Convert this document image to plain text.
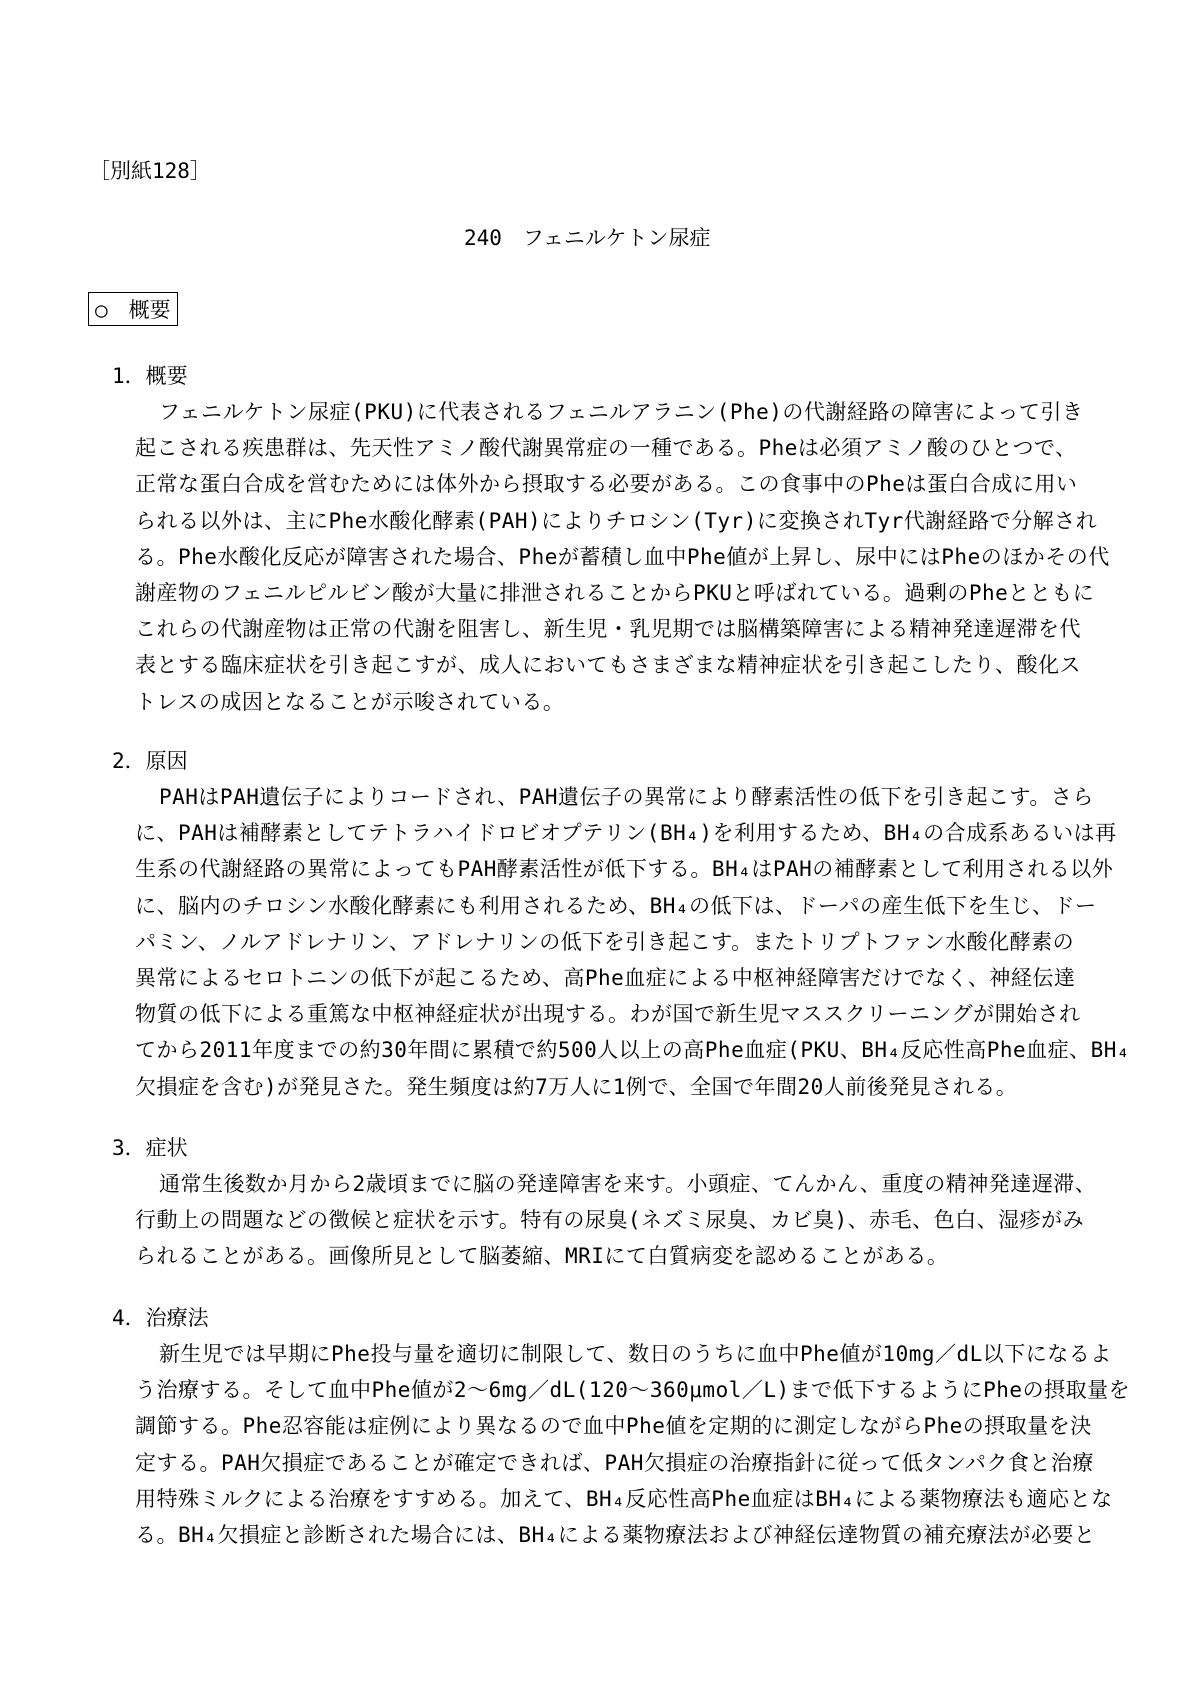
［別紙128］
240　フェニルケトン尿症
○　概要
1．概要
フェニルケトン尿症(PKU)に代表されるフェニルアラニン(Phe)の代謝経路の障害によって引き
起こされる疾患群は、先天性アミノ酸代謝異常症の一種である。Pheは必須アミノ酸のひとつで、
正常な蛋白合成を営むためには体外から摂取する必要がある。この食事中のPheは蛋白合成に用い
られる以外は、主にPhe水酸化酵素(PAH)によりチロシン(Tyr)に変換されTyr代謝経路で分解され
る。Phe水酸化反応が障害された場合、Pheが蓄積し血中Phe値が上昇し、尿中にはPheのほかその代
謝産物のフェニルピルビン酸が大量に排泄されることからPKUと呼ばれている。過剰のPheとともに
これらの代謝産物は正常の代謝を阻害し、新生児・乳児期では脳構築障害による精神発達遅滞を代
表とする臨床症状を引き起こすが、成人においてもさまざまな精神症状を引き起こしたり、酸化ス
トレスの成因となることが示唆されている。
2．原因
PAHはPAH遺伝子によりコードされ、PAH遺伝子の異常により酵素活性の低下を引き起こす。さら
に、PAHは補酵素としてテトラハイドロビオプテリン(BH₄)を利用するため、BH₄の合成系あるいは再
生系の代謝経路の異常によってもPAH酵素活性が低下する。BH₄はPAHの補酵素として利用される以外
に、脳内のチロシン水酸化酵素にも利用されるため、BH₄の低下は、ドーパの産生低下を生じ、ドー
パミン、ノルアドレナリン、アドレナリンの低下を引き起こす。またトリプトファン水酸化酵素の
異常によるセロトニンの低下が起こるため、高Phe血症による中枢神経障害だけでなく、神経伝達
物質の低下による重篤な中枢神経症状が出現する。わが国で新生児マススクリーニングが開始され
てから2011年度までの約30年間に累積で約500人以上の高Phe血症(PKU、BH₄反応性高Phe血症、BH₄
欠損症を含む)が発見さた。発生頻度は約7万人に1例で、全国で年間20人前後発見される。
3．症状
通常生後数か月から2歳頃までに脳の発達障害を来す。小頭症、てんかん、重度の精神発達遅滞、
行動上の問題などの徴候と症状を示す。特有の尿臭(ネズミ尿臭、カビ臭)、赤毛、色白、湿疹がみ
られることがある。画像所見として脳萎縮、MRIにて白質病変を認めることがある。
4．治療法
新生児では早期にPhe投与量を適切に制限して、数日のうちに血中Phe値が10mg／dL以下になるよ
う治療する。そして血中Phe値が2～6mg／dL(120～360μmol／L)まで低下するようにPheの摂取量を
調節する。Phe忍容能は症例により異なるので血中Phe値を定期的に測定しながらPheの摂取量を決
定する。PAH欠損症であることが確定できれば、PAH欠損症の治療指針に従って低タンパク食と治療
用特殊ミルクによる治療をすすめる。加えて、BH₄反応性高Phe血症はBH₄による薬物療法も適応とな
る。BH₄欠損症と診断された場合には、BH₄による薬物療法および神経伝達物質の補充療法が必要と
